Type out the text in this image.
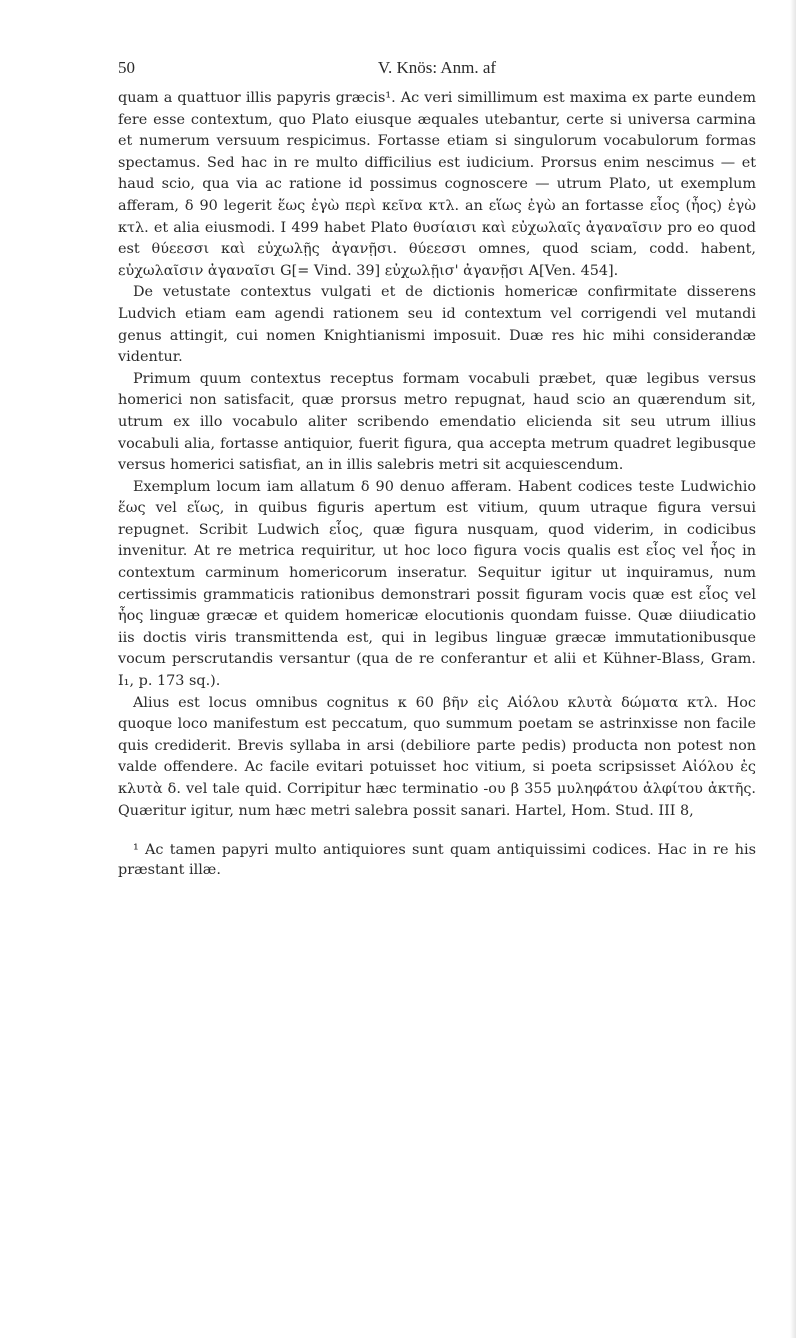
50	V. Knös: Anm. af

quam a quattuor illis papyris græcis¹. Ac veri simillimum est maxima ex parte eundem fere esse contextum, quo Plato eiusque æquales utebantur, certe si universa carmina et numerum versuum respicimus. Fortasse etiam si singulorum vocabulorum formas spectamus. Sed hac in re multo difficilius est iudicium. Prorsus enim nescimus — et haud scio, qua via ac ratione id possimus cognoscere — utrum Plato, ut exemplum afferam, δ 90 legerit ἕως ἐγὼ περὶ κεῖνα κτλ. an εἵως ἐγὼ an fortasse εἶος (ἦος) ἐγὼ κτλ. et alia eiusmodi. I 499 habet Plato θυσίαισι καὶ εὐχωλαῖς ἀγαναῖσιν pro eo quod est θύεεσσι καὶ εὐχωλῇς ἀγανῇσι. θύεεσσι omnes, quod sciam, codd. habent, εὐχωλαῖσιν ἀγαναῖσι G[= Vind. 39] εὐχωλῇισ' ἀγανῇσι A[Ven. 454].

De vetustate contextus vulgati et de dictionis homericæ confirmitate disserens Ludvich etiam eam agendi rationem seu id contextum vel corrigendi vel mutandi genus attingit, cui nomen Knightianismi imposuit. Duæ res hic mihi considerandæ videntur.

Primum quum contextus receptus formam vocabuli præbet, quæ legibus versus homerici non satisfacit, quæ prorsus metro repugnat, haud scio an quærendum sit, utrum ex illo vocabulo aliter scribendo emendatio elicienda sit seu utrum illius vocabuli alia, fortasse antiquior, fuerit figura, qua accepta metrum quadret legibusque versus homerici satisfiat, an in illis salebris metri sit acquiescendum.

Exemplum locum iam allatum δ 90 denuo afferam. Habent codices teste Ludwichio ἕως vel εἵως, in quibus figuris apertum est vitium, quum utraque figura versui repugnet. Scribit Ludwich εἷος, quæ figura nusquam, quod viderim, in codicibus invenitur. At re metrica requiritur, ut hoc loco figura vocis qualis est εἷος vel ἦος in contextum carminum homericorum inseratur. Sequitur igitur ut inquiramus, num certissimis grammaticis rationibus demonstrari possit figuram vocis quæ est εἷος vel ἦος linguæ græcæ et quidem homericæ elocutionis quondam fuisse. Quæ diiudicatio iis doctis viris transmittenda est, qui in legibus linguæ græcæ immutationibusque vocum perscrutandis versantur (qua de re conferantur et alii et Kühner-Blass, Gram. I₁, p. 173 sq.).

Alius est locus omnibus cognitus κ 60 βῆν εἰς Αἰόλου κλυτὰ δώματα κτλ. Hoc quoque loco manifestum est peccatum, quo summum poetam se astrinxisse non facile quis crediderit. Brevis syllaba in arsi (debiliore parte pedis) producta non potest non valde offendere. Ac facile evitari potuisset hoc vitium, si poeta scripsisset Αἰόλου ἐς κλυτὰ δ. vel tale quid. Corripitur hæc terminatio -ου β 355 μυληφάτου ἀλφίτου ἀκτῆς. Quæritur igitur, num hæc metri salebra possit sanari. Hartel, Hom. Stud. III 8,

¹ Ac tamen papyri multo antiquiores sunt quam antiquissimi codices. Hac in re his præstant illæ.
